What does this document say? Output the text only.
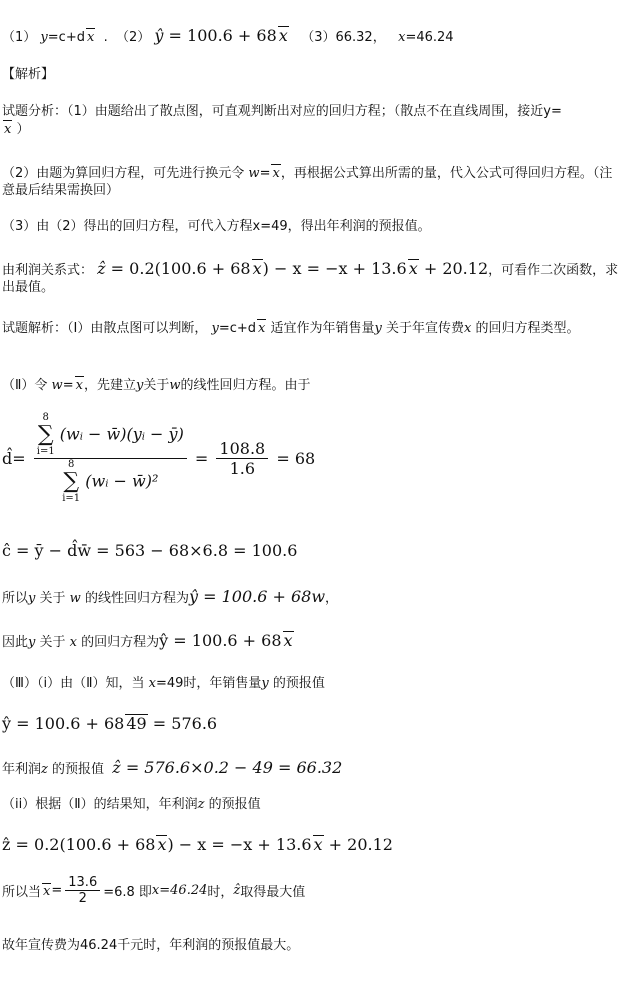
（1） y=c+d x  .  （2） ŷ = 100.6 + 68 x （3）66.32， x=46.24
【解析】
试题分析：（1）由题给出了散点图，可直观判断出对应的回归方程；（散点不在直线周围，接近y=
x ）
（2）由题为算回归方程，可先进行换元令 w= x，再根据公式算出所需的量，代入公式可得回归方程。（注意最后结果需换回）
（3）由（2）得出的回归方程，可代入方程x=49，得出年利润的预报值。
由利润关系式： ẑ = 0.2(100.6 + 68 x) − x = −x + 13.6 x + 20.12，可看作二次函数，求出最值。
试题解析：（Ⅰ）由散点图可以判断， y=c+d x 适宜作为年销售量y 关于年宣传费x 的回归方程类型。
（Ⅱ）令 w= x，先建立y关于w的线性回归方程。由于
d̂= 8
∑
i=1
(wᵢ − w̄)(yᵢ − ȳ)
8
∑
i=1
(wᵢ − w̄)² = $\frac{108.8}{1.6} = 68$
ĉ = ȳ − d̂w̄ = 563 − 68×6.8 = 100.6
所以y 关于 w 的线性回归方程为ŷ = 100.6 + 68w，
因此y 关于 x 的回归方程为ŷ = 100.6 + 68 x
（Ⅲ）（i）由（Ⅱ）知，当 x=49时，年销售量y 的预报值
ŷ = 100.6 + 68 49 = 576.6
年利润z 的预报值 ẑ = 576.6×0.2 − 49 = 66.32
（ii）根据（Ⅱ）的结果知，年利润z 的预报值
ẑ = 0.2(100.6 + 68 x) − x = −x + 13.6 x + 20.12
所以当 $x= \frac{13.6}{2} =6.8$ 即x=46.24时，ẑ取得最大值
故年宣传费为46.24千元时，年利润的预报值最大。
